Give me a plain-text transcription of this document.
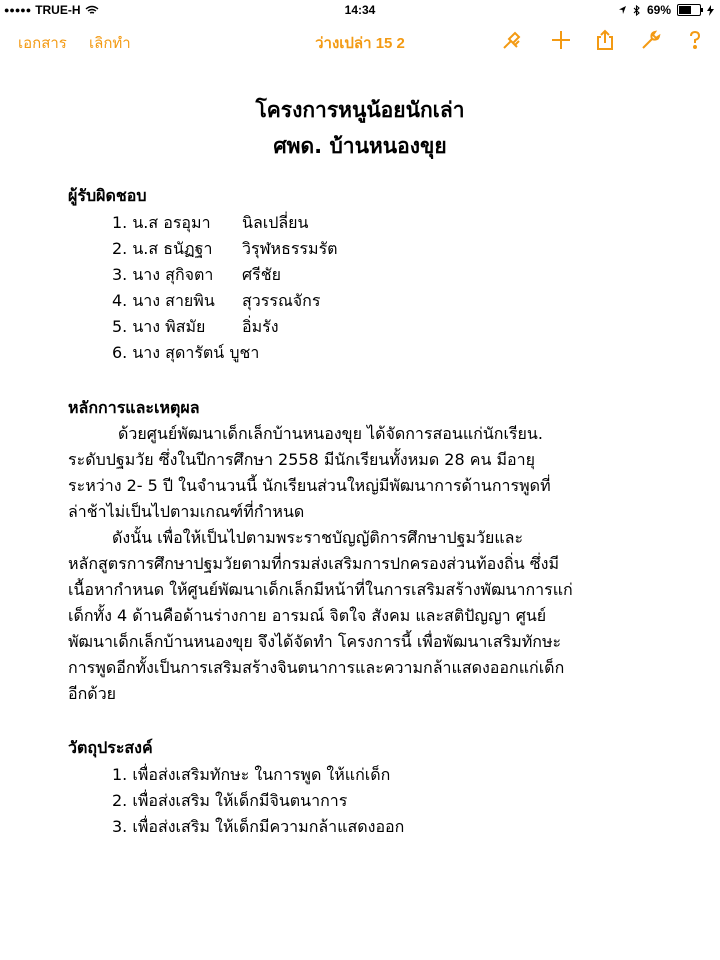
●●●●● TRUE-H	14:34	69%
เอกสาร เลิกทำ	ว่างเปล่า 15 2
โครงการหนูน้อยนักเล่า
ศพด. บ้านหนองขุย
ผู้รับผิดชอบ
1. น.ส อรอุมา นิลเปลี่ยน
2. น.ส ธนัฏฐา วิรุฬหธรรมรัต
3. นาง สุกิจตา ศรีชัย
4. นาง สายพิน สุวรรณจักร
5. นาง พิสมัย อิ่มรัง
6. นาง สุดารัตน์ บูชา
หลักการและเหตุผล
ด้วยศูนย์พัฒนาเด็กเล็กบ้านหนองขุย ได้จัดการสอนแก่นักเรียน.
ระดับปฐมวัย ซึ่งในปีการศึกษา 2558 มีนักเรียนทั้งหมด 28 คน มีอายุ
ระหว่าง 2- 5 ปี ในจำนวนนี้ นักเรียนส่วนใหญ่มีพัฒนาการด้านการพูดที่
ล่าช้าไม่เป็นไปตามเกณฑ์ที่กำหนด
ดังนั้น เพื่อให้เป็นไปตามพระราชบัญญัติการศึกษาปฐมวัยและ
หลักสูตรการศึกษาปฐมวัยตามที่กรมส่งเสริมการปกครองส่วนท้องถิ่น ซึ่งมี
เนื้อหากำหนด ให้ศูนย์พัฒนาเด็กเล็กมีหน้าที่ในการเสริมสร้างพัฒนาการแก่
เด็กทั้ง 4 ด้านคือด้านร่างกาย อารมณ์ จิตใจ สังคม และสติปัญญา ศูนย์
พัฒนาเด็กเล็กบ้านหนองขุย จึงได้จัดทำ โครงการนี้ เพื่อพัฒนาเสริมทักษะ
การพูดอีกทั้งเป็นการเสริมสร้างจินตนาการและความกล้าแสดงออกแก่เด็ก
อีกด้วย
วัตถุประสงค์
1. เพื่อส่งเสริมทักษะ ในการพูด ให้แก่เด็ก
2. เพื่อส่งเสริม ให้เด็กมีจินตนาการ
3. เพื่อส่งเสริม ให้เด็กมีความกล้าแสดงออก
